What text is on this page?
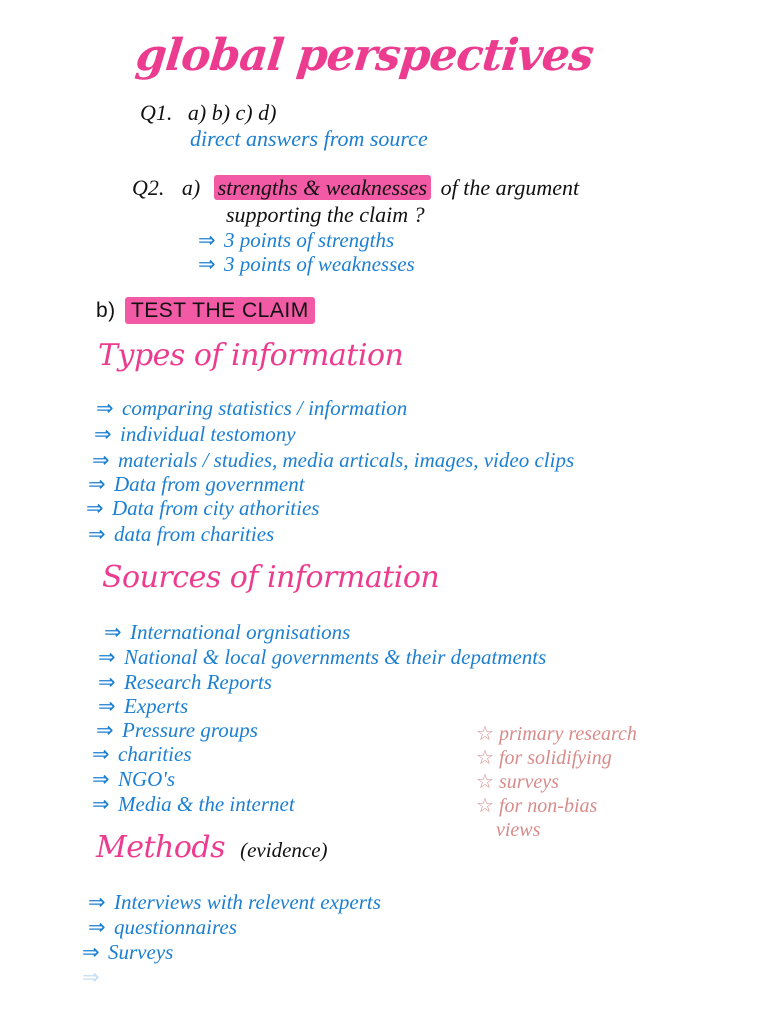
global perspectives
Q1. a) b) c) d)
direct answers from source
Q2. a) strengths & weaknesses of the argument
supporting the claim ?
⇒ 3 points of strengths
⇒ 3 points of weaknesses
b) TEST THE CLAIM
Types of information
⇒ comparing statistics / information
⇒ individual testomony
⇒ materials / studies, media articals, images, video clips
⇒ Data from government
⇒ Data from city athorities
⇒ data from charities
Sources of information
⇒ International orgnisations
⇒ National & local governments & their depatments
⇒ Research Reports
⇒ Experts
⇒ Pressure groups
⇒ charities
⇒ NGO's
⇒ Media & the internet
☆ primary research
☆ for solidifying
☆ surveys
☆ for non-bias
views
Methods (evidence)
⇒ Interviews with relevent experts
⇒ questionnaires
⇒ Surveys
⇒
